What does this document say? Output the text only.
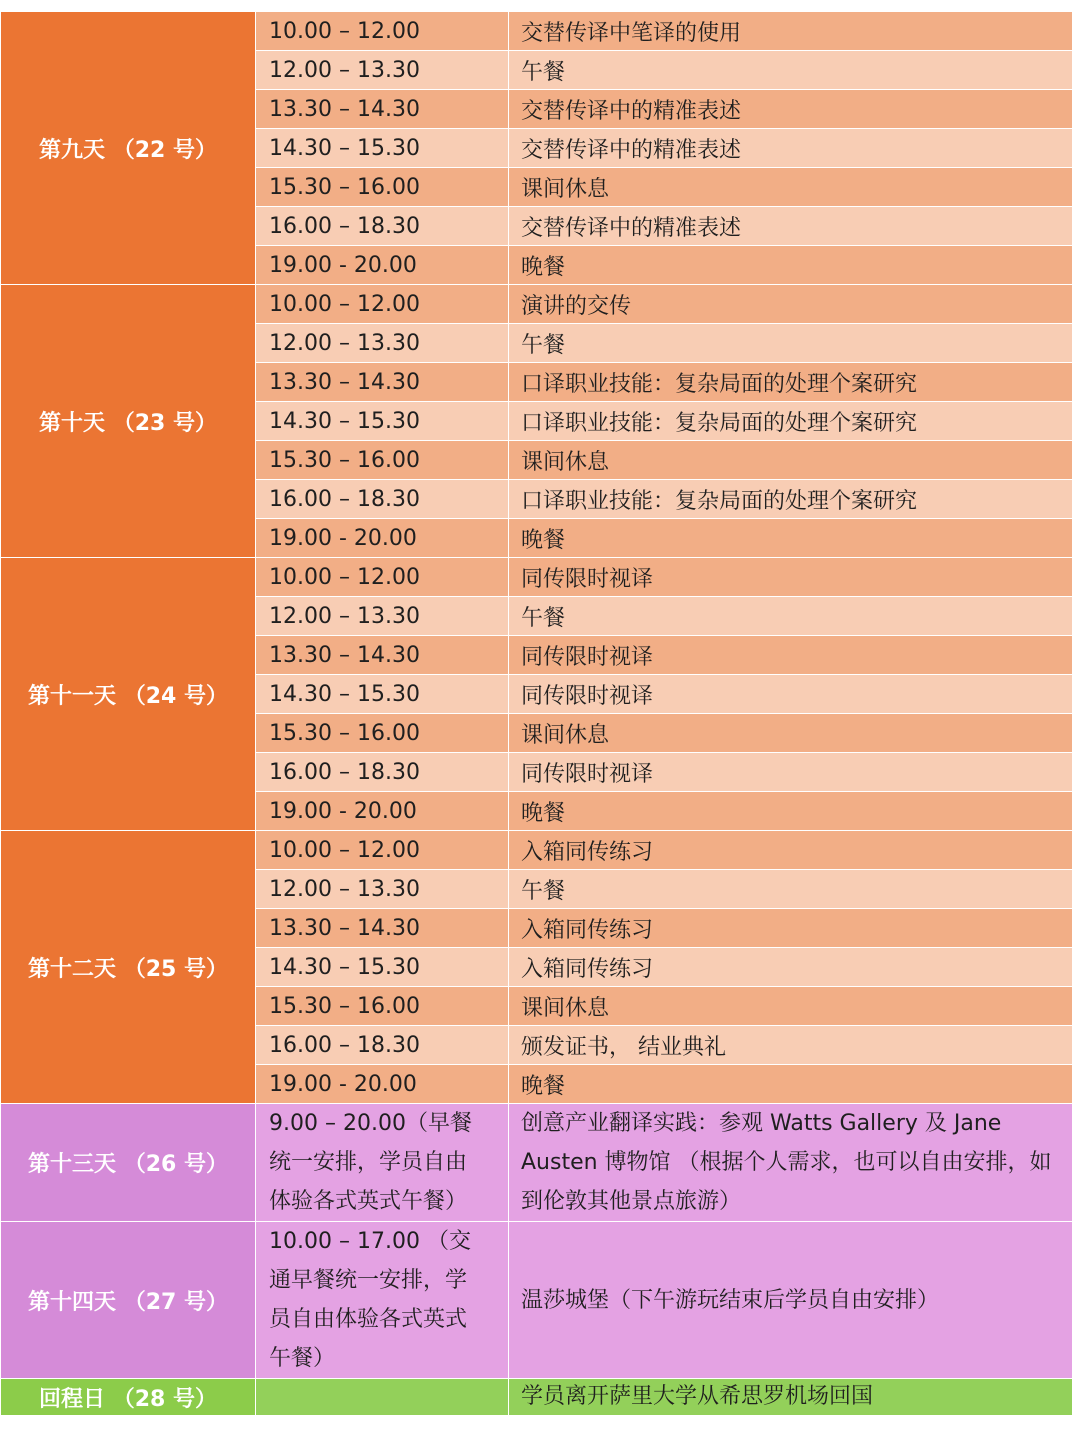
第九天 （22 号）	10.00 – 12.00	交替传译中笔译的使用
	12.00 – 13.30	午餐
	13.30 – 14.30	交替传译中的精准表述
	14.30 – 15.30	交替传译中的精准表述
	15.30 – 16.00	课间休息
	16.00 – 18.30	交替传译中的精准表述
	19.00 - 20.00	晚餐
第十天 （23 号）	10.00 – 12.00	演讲的交传
	12.00 – 13.30	午餐
	13.30 – 14.30	口译职业技能：复杂局面的处理个案研究
	14.30 – 15.30	口译职业技能：复杂局面的处理个案研究
	15.30 – 16.00	课间休息
	16.00 – 18.30	口译职业技能：复杂局面的处理个案研究
	19.00 - 20.00	晚餐
第十一天 （24 号）	10.00 – 12.00	同传限时视译
	12.00 – 13.30	午餐
	13.30 – 14.30	同传限时视译
	14.30 – 15.30	同传限时视译
	15.30 – 16.00	课间休息
	16.00 – 18.30	同传限时视译
	19.00 - 20.00	晚餐
第十二天 （25 号）	10.00 – 12.00	入箱同传练习
	12.00 – 13.30	午餐
	13.30 – 14.30	入箱同传练习
	14.30 – 15.30	入箱同传练习
	15.30 – 16.00	课间休息
	16.00 – 18.30	颁发证书， 结业典礼
	19.00 - 20.00	晚餐
第十三天 （26 号）	9.00 – 20.00（早餐
统一安排，学员自由
体验各式英式午餐）	创意产业翻译实践：参观 Watts Gallery 及 Jane
Austen 博物馆 （根据个人需求，也可以自由安排，如
到伦敦其他景点旅游）

第十四天 （27 号）	10.00 – 17.00 （交
通早餐统一安排，学
员自由体验各式英式
午餐）	温莎城堡（下午游玩结束后学员自由安排）
回程日 （28 号）		学员离开萨里大学从希思罗机场回国
